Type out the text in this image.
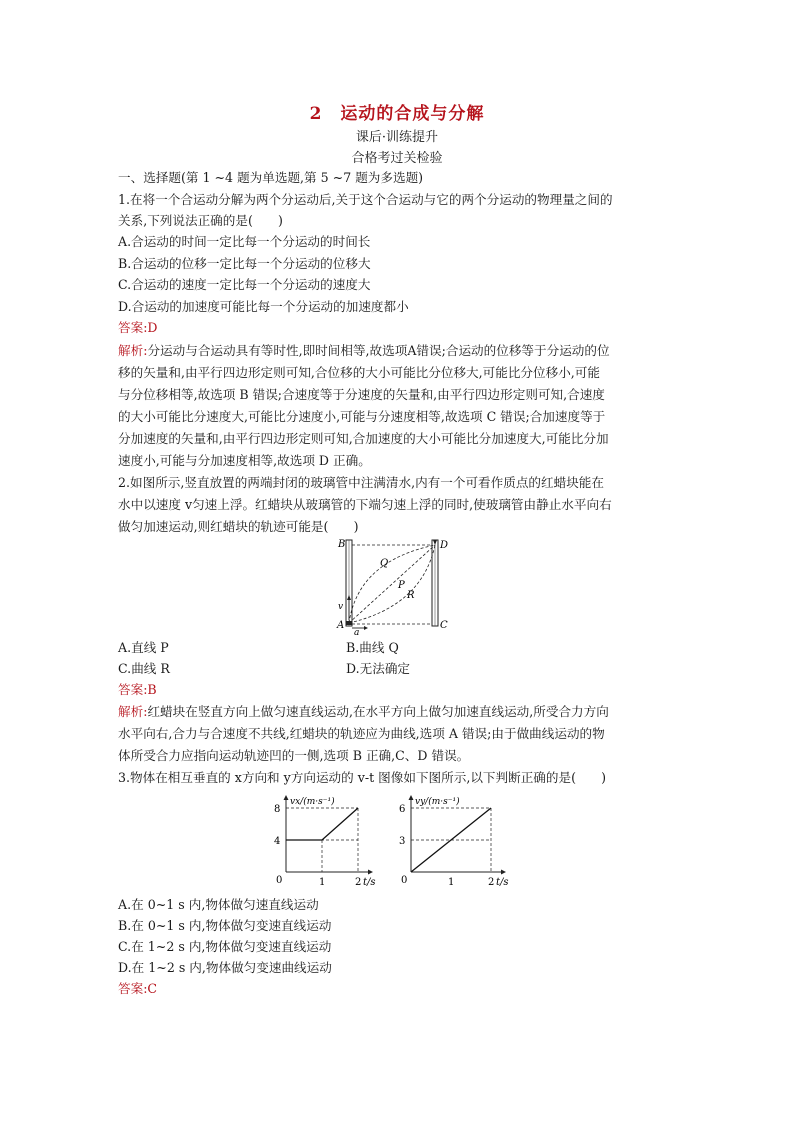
2　运动的合成与分解
课后·训练提升
合格考过关检验
一、选择题(第 1 ~4 题为单选题,第 5 ~7 题为多选题)
1.在将一个合运动分解为两个分运动后,关于这个合运动与它的两个分运动的物理量之间的
关系,下列说法正确的是(　　)
A.合运动的时间一定比每一个分运动的时间长
B.合运动的位移一定比每一个分运动的位移大
C.合运动的速度一定比每一个分运动的速度大
D.合运动的加速度可能比每一个分运动的加速度都小
答案:D
解析:分运动与合运动具有等时性,即时间相等,故选项A错误;合运动的位移等于分运动的位
移的矢量和,由平行四边形定则可知,合位移的大小可能比分位移大,可能比分位移小,可能
与分位移相等,故选项 B 错误;合速度等于分速度的矢量和,由平行四边形定则可知,合速度
的大小可能比分速度大,可能比分速度小,可能与分速度相等,故选项 C 错误;合加速度等于
分加速度的矢量和,由平行四边形定则可知,合加速度的大小可能比分加速度大,可能比分加
速度小,可能与分加速度相等,故选项 D 正确。
2.如图所示,竖直放置的两端封闭的玻璃管中注满清水,内有一个可看作质点的红蜡块能在
水中以速度 v匀速上浮。红蜡块从玻璃管的下端匀速上浮的同时,使玻璃管由静止水平向右
做匀加速运动,则红蜡块的轨迹可能是(　　)
B	D
Q
P
R
v
A
a
C
A.直线 P	B.曲线 Q
C.曲线 R	D.无法确定
答案:B
解析:红蜡块在竖直方向上做匀速直线运动,在水平方向上做匀加速直线运动,所受合力方向
水平向右,合力与合速度不共线,红蜡块的轨迹应为曲线,选项 A 错误;由于做曲线运动的物
体所受合力应指向运动轨迹凹的一侧,选项 B 正确,C、D 错误。
3.物体在相互垂直的 x方向和 y方向运动的 v-t 图像如下图所示,以下判断正确的是(　　)
vx/(m·s⁻¹)
t/s
0	1	2
4
8
vy/(m·s⁻¹)
t/s
0	1	2
3
6
A.在 0~1 s 内,物体做匀速直线运动
B.在 0~1 s 内,物体做匀变速直线运动
C.在 1~2 s 内,物体做匀变速直线运动
D.在 1~2 s 内,物体做匀变速曲线运动
答案:C
